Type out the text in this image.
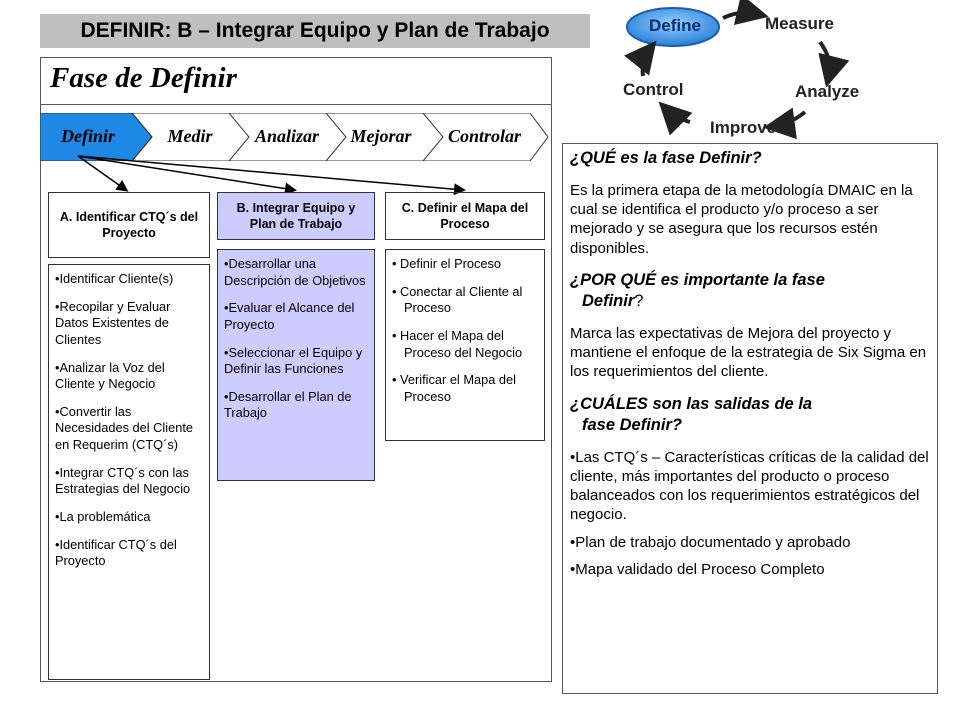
DEFINIR: B – Integrar Equipo y Plan de Trabajo
Fase de Definir
Definir	Medir	Analizar	Mejorar	Controlar
A. Identificar CTQ´s del Proyecto

•Identificar Cliente(s)

•Recopilar y Evaluar Datos Existentes de Clientes

•Analizar la Voz del Cliente y Negocio

•Convertir las Necesidades del Cliente en Requerim (CTQ´s)

•Integrar CTQ´s con las Estrategias del Negocio

•La problemática

•Identificar CTQ´s del Proyecto

B. Integrar Equipo y Plan de Trabajo

•Desarrollar una Descripción de Objetivos

•Evaluar el Alcance del Proyecto

•Seleccionar el Equipo y Definir las Funciones

•Desarrollar el Plan de Trabajo

C. Definir el Mapa del Proceso

• Definir el Proceso

• Conectar al Cliente al Proceso

• Hacer el Mapa del Proceso del Negocio

• Verificar el Mapa del Proceso

¿QUÉ es la fase Definir?

Es la primera etapa de la metodología DMAIC en la cual se identifica el producto y/o proceso a ser mejorado y se asegura que los recursos estén disponibles.

¿POR QUÉ es importante la fase
Definir?

Marca las expectativas de Mejora del proyecto y mantiene el enfoque de la estrategia de Six Sigma en los requerimientos del cliente.

¿CUÁLES son las salidas de la
fase Definir?

•Las CTQ´s – Características críticas de la calidad del cliente, más importantes del producto o proceso balanceados con los requerimientos estratégicos del negocio.

•Plan de trabajo documentado y aprobado

•Mapa validado del Proceso Completo

Define	Measure
Analyze
Improve
Control
